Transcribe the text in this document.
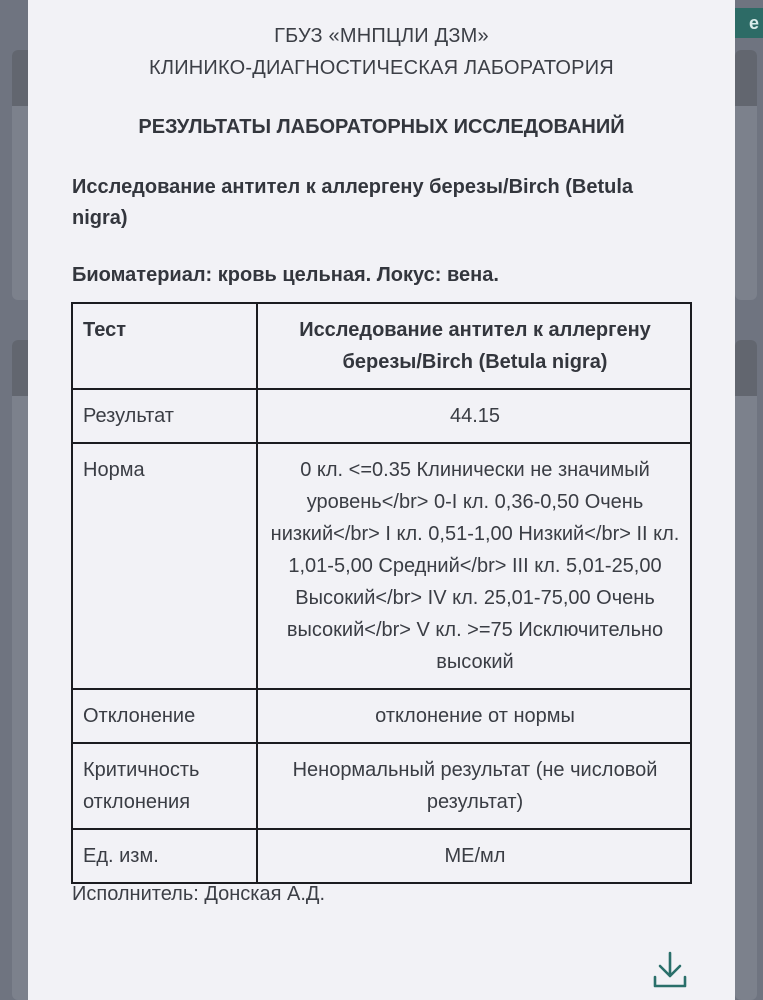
e
ГБУЗ «МНПЦЛИ ДЗМ»
КЛИНИКО-ДИАГНОСТИЧЕСКАЯ ЛАБОРАТОРИЯ
РЕЗУЛЬТАТЫ ЛАБОРАТОРНЫХ ИССЛЕДОВАНИЙ
Исследование антител к аллергену березы/Birch (Betula nigra)
Биоматериал: кровь цельная. Локус: вена.
Тест	Исследование антител к аллергену березы/Birch (Betula nigra)
Результат	44.15
Норма	0 кл. <=0.35 Клинически не значимый уровень</br> 0-I кл. 0,36-0,50 Очень низкий</br> I кл. 0,51-1,00 Низкий</br> II кл. 1,01-5,00 Средний</br> III кл. 5,01-25,00 Высокий</br> IV кл. 25,01-75,00 Очень высокий</br> V кл. >=75 Исключительно высокий
Отклонение	отклонение от нормы
Критичность отклонения	Ненормальный результат (не числовой результат)
Ед. изм.	МЕ/мл
Исполнитель: Донская А.Д.
